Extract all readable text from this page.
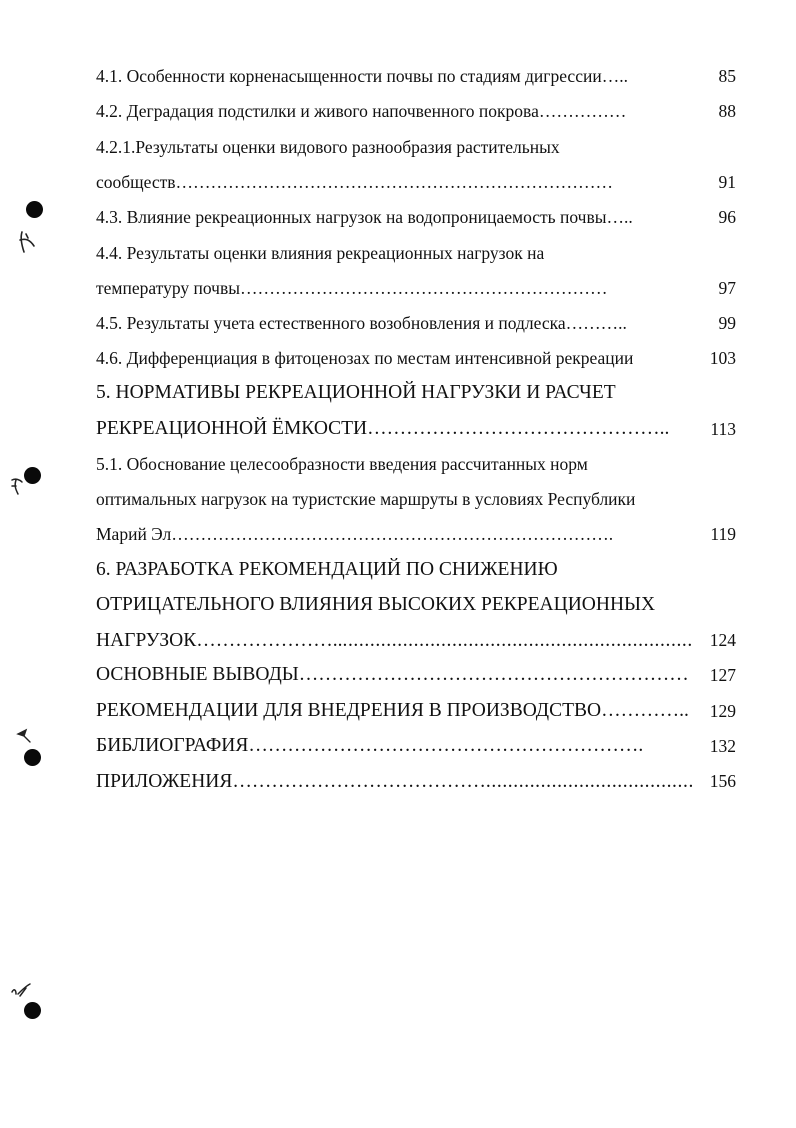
4.1. Особенности корненасыщенности почвы по стадиям дигрессии…..	85
4.2. Деградация подстилки и живого напочвенного покрова……………	88
4.2.1.Результаты оценки видового разнообразия растительных
сообществ…………………………………………………………………	91
4.3. Влияние рекреационных нагрузок на водопроницаемость почвы…..	96
4.4. Результаты оценки влияния рекреационных нагрузок на
температуру почвы………………………………………………………	97
4.5. Результаты учета естественного возобновления и подлеска………..	99
4.6. Дифференциация в фитоценозах по местам интенсивной рекреации	103
5. НОРМАТИВЫ РЕКРЕАЦИОННОЙ НАГРУЗКИ И РАСЧЕТ
РЕКРЕАЦИОННОЙ ЁМКОСТИ………………………………………..	113
5.1. Обоснование целесообразности введения рассчитанных норм
оптимальных нагрузок на туристские маршруты в условиях Республики
Марий Эл………………………………………………………………….	119
6. РАЗРАБОТКА РЕКОМЕНДАЦИЙ ПО СНИЖЕНИЮ
ОТРИЦАТЕЛЬНОГО ВЛИЯНИЯ ВЫСОКИХ РЕКРЕАЦИОННЫХ
НАГРУЗОК………………….. .....	124
ОСНОВНЫЕ ВЫВОДЫ……………………………………………………	127
РЕКОМЕНДАЦИИ ДЛЯ ВНЕДРЕНИЯ В ПРОИЗВОДСТВО…………..	129
БИБЛИОГРАФИЯ…………………………………………………….	132
ПРИЛОЖЕНИЯ………………………………… .....	156
